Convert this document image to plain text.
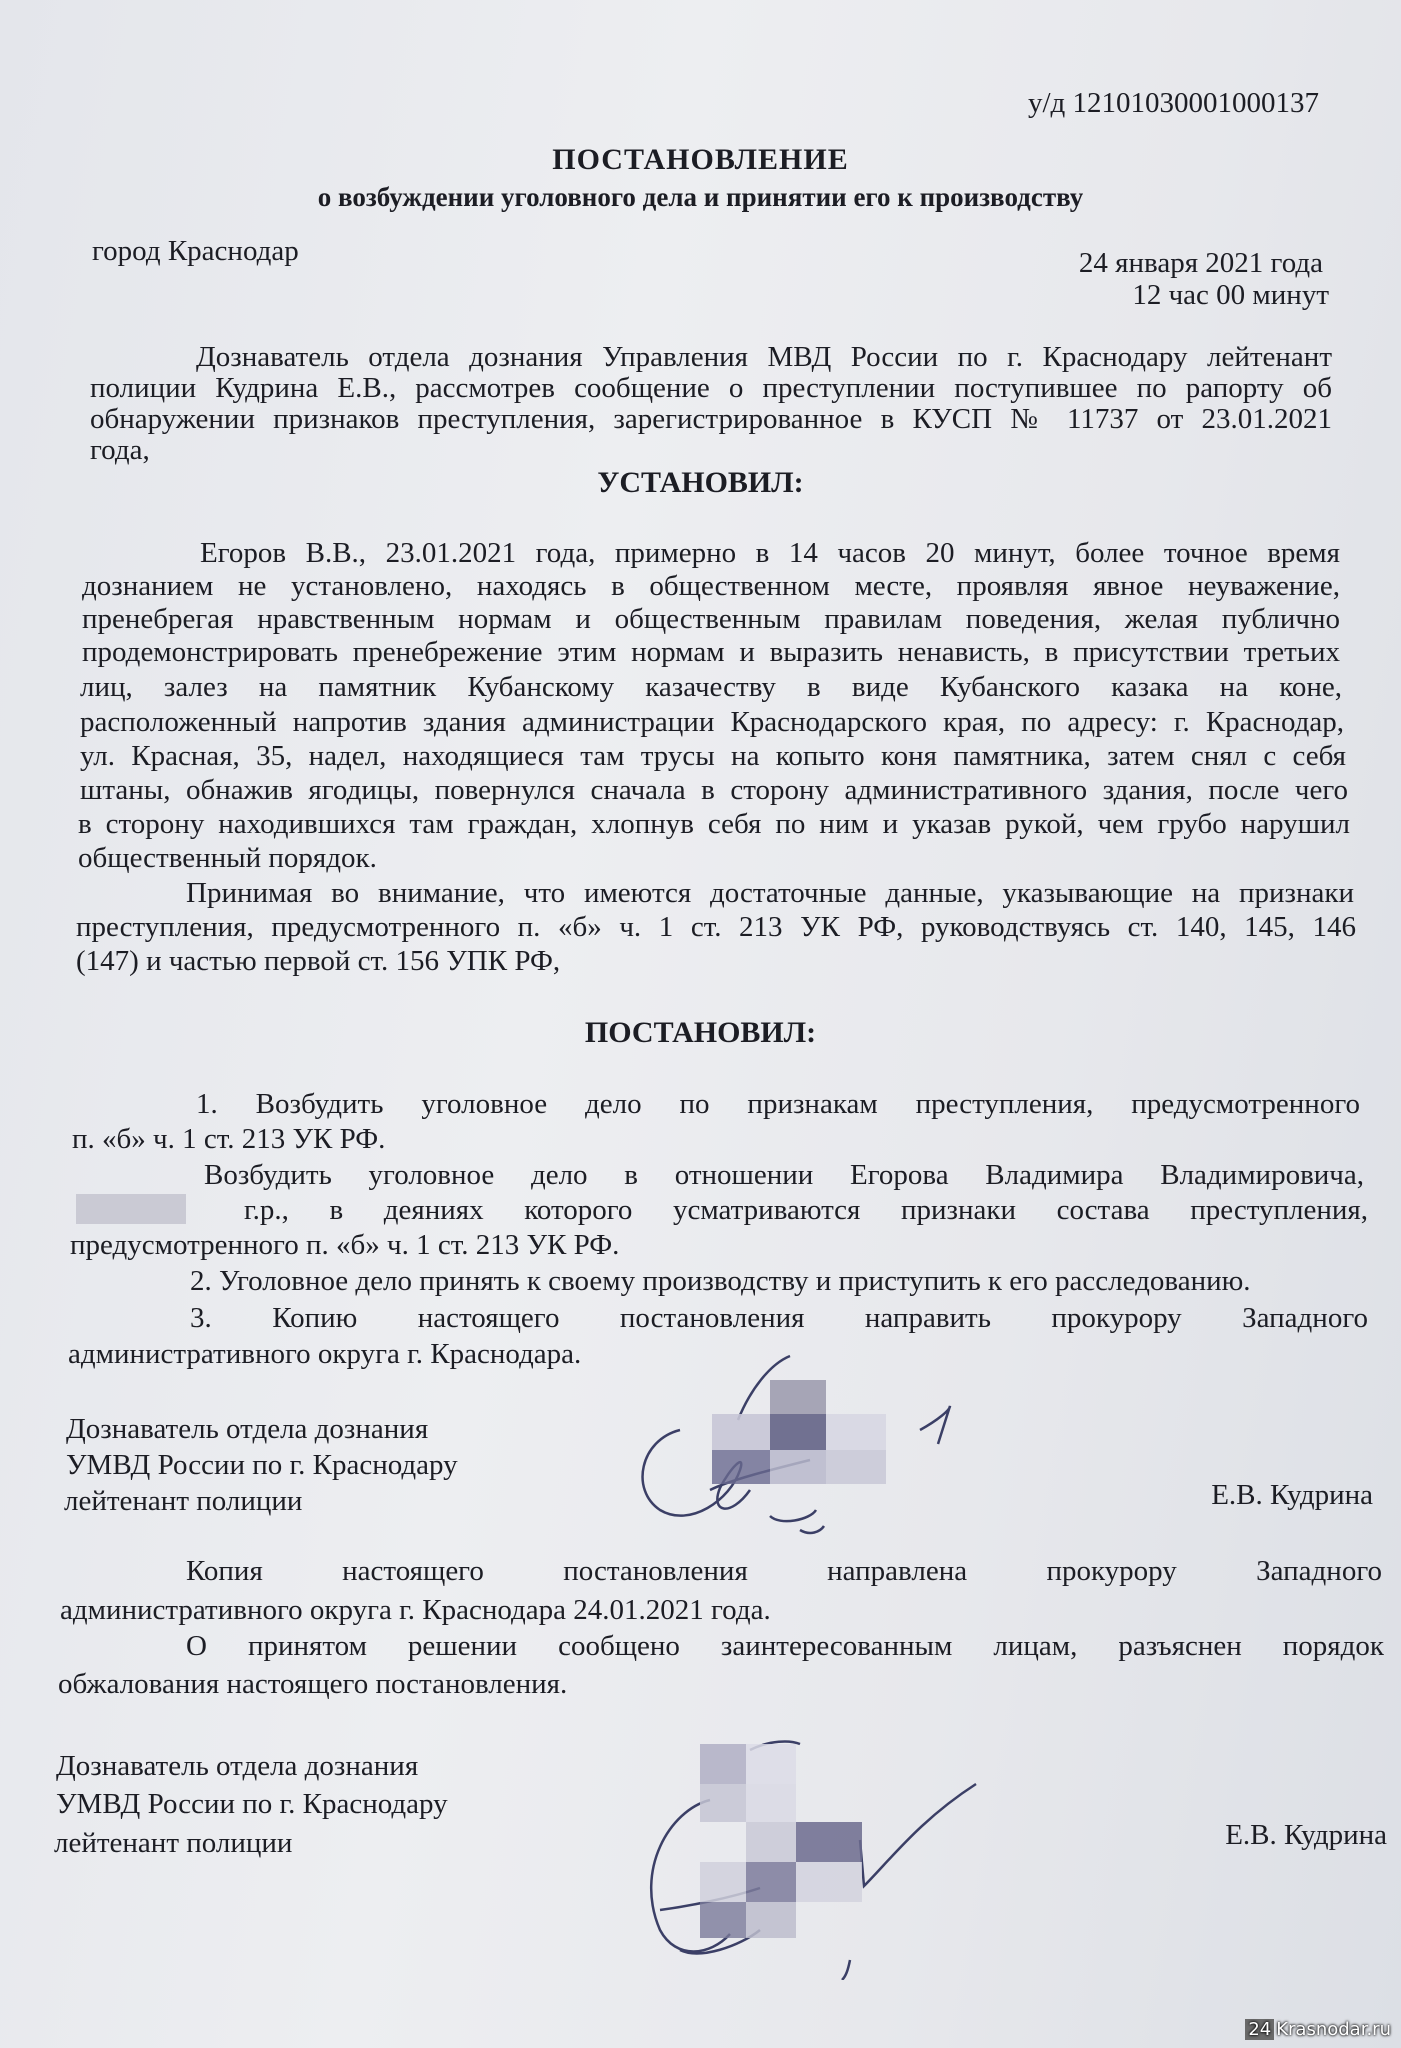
у/д 12101030001000137
ПОСТАНОВЛЕНИЕ
о возбуждении уголовного дела и принятии его к производству
город Краснодар	24 января 2021 года
12 час 00 минут
Дознаватель отдела дознания Управления МВД России по г. Краснодару лейтенант
полиции Кудрина Е.В., рассмотрев сообщение о преступлении поступившее по рапорту об
обнаружении признаков преступления, зарегистрированное в КУСП № 11737 от 23.01.2021
года,
УСТАНОВИЛ:
Егоров В.В., 23.01.2021 года, примерно в 14 часов 20 минут, более точное время
дознанием не установлено, находясь в общественном месте, проявляя явное неуважение,
пренебрегая нравственным нормам и общественным правилам поведения, желая публично
продемонстрировать пренебрежение этим нормам и выразить ненависть, в присутствии третьих
лиц, залез на памятник Кубанскому казачеству в виде Кубанского казака на коне,
расположенный напротив здания администрации Краснодарского края, по адресу: г. Краснодар,
ул. Красная, 35, надел, находящиеся там трусы на копыто коня памятника, затем снял с себя
штаны, обнажив ягодицы, повернулся сначала в сторону административного здания, после чего
в сторону находившихся там граждан, хлопнув себя по ним и указав рукой, чем грубо нарушил
общественный порядок.
Принимая во внимание, что имеются достаточные данные, указывающие на признаки
преступления, предусмотренного п. «б» ч. 1 ст. 213 УК РФ, руководствуясь ст. 140, 145, 146
(147) и частью первой ст. 156 УПК РФ,
ПОСТАНОВИЛ:
1. Возбудить уголовное дело по признакам преступления, предусмотренного
п. «б» ч. 1 ст. 213 УК РФ.
Возбудить уголовное дело в отношении Егорова Владимира Владимировича,
г.р., в деяниях которого усматриваются признаки состава преступления,
предусмотренного п. «б» ч. 1 ст. 213 УК РФ.
2. Уголовное дело принять к своему производству и приступить к его расследованию.
3. Копию настоящего постановления направить прокурору Западного
административного округа г. Краснодара.
Дознаватель отдела дознания
УМВД России по г. Краснодару
лейтенант полиции	Е.В. Кудрина
Копия настоящего постановления направлена прокурору Западного
административного округа г. Краснодара 24.01.2021 года.
О принятом решении сообщено заинтересованным лицам, разъяснен порядок
обжалования настоящего постановления.
Дознаватель отдела дознания
УМВД России по г. Краснодару
лейтенант полиции	Е.В. Кудрина
24 Krasnodar.ru
